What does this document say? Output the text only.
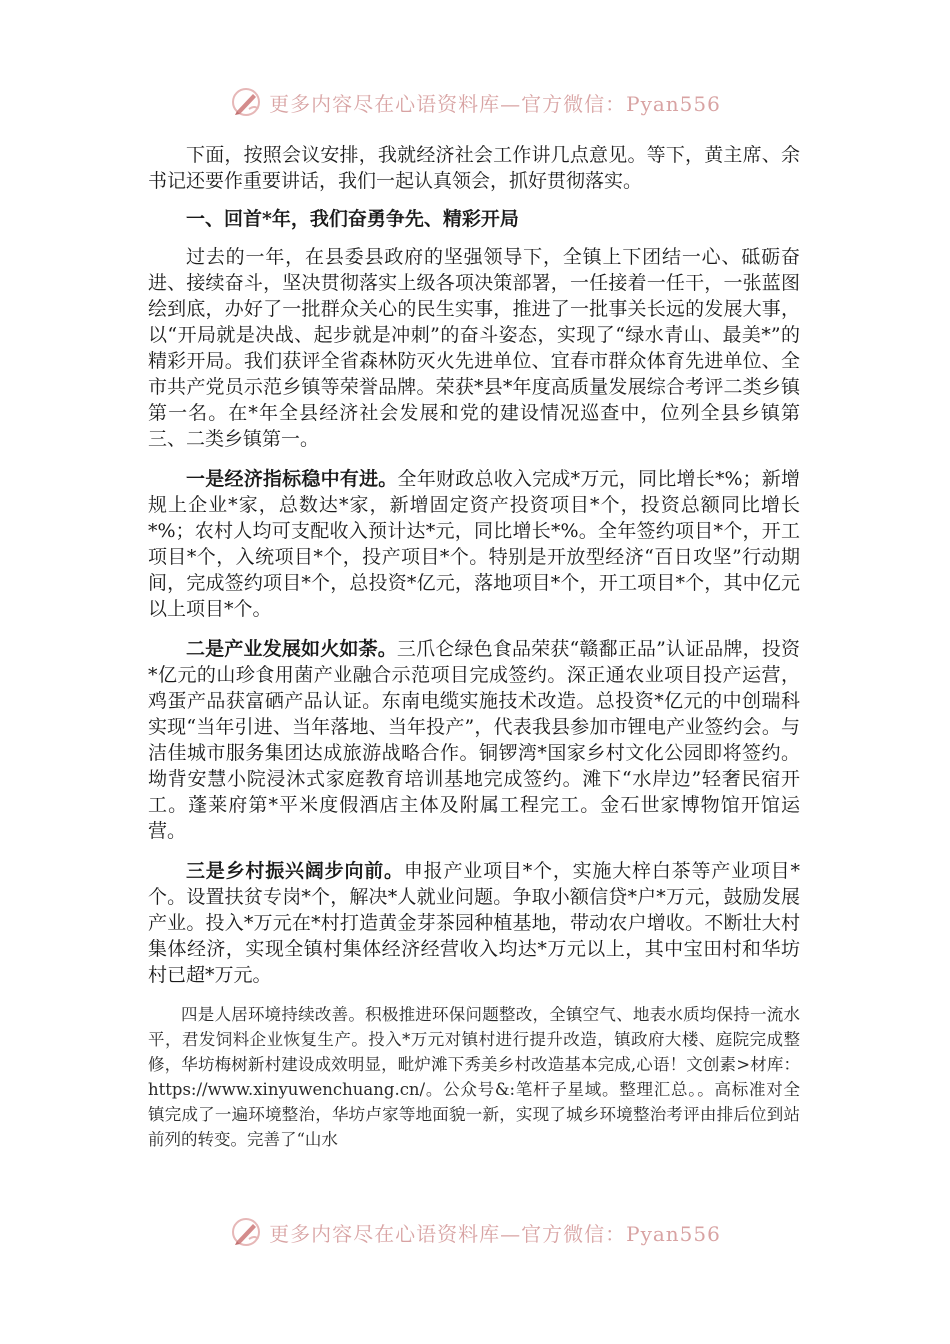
更多内容尽在心语资料库—官方微信：Pyan556

下面，按照会议安排，我就经济社会工作讲几点意见。等下，黄主席、余书记还要作重要讲话，我们一起认真领会，抓好贯彻落实。

一、回首*年，我们奋勇争先、精彩开局

过去的一年，在县委县政府的坚强领导下，全镇上下团结一心、砥砺奋进、接续奋斗，坚决贯彻落实上级各项决策部署，一任接着一任干，一张蓝图绘到底，办好了一批群众关心的民生实事，推进了一批事关长远的发展大事，以“开局就是决战、起步就是冲刺”的奋斗姿态，实现了“绿水青山、最美*”的精彩开局。我们获评全省森林防灭火先进单位、宜春市群众体育先进单位、全市共产党员示范乡镇等荣誉品牌。荣获*县*年度高质量发展综合考评二类乡镇第一名。在*年全县经济社会发展和党的建设情况巡查中，位列全县乡镇第三、二类乡镇第一。

一是经济指标稳中有进。全年财政总收入完成*万元，同比增长*%；新增规上企业*家，总数达*家，新增固定资产投资项目*个，投资总额同比增长*%；农村人均可支配收入预计达*元，同比增长*%。全年签约项目*个，开工项目*个，入统项目*个，投产项目*个。特别是开放型经济“百日攻坚”行动期间，完成签约项目*个，总投资*亿元，落地项目*个，开工项目*个，其中亿元以上项目*个。

二是产业发展如火如荼。三爪仑绿色食品荣获“赣鄱正品”认证品牌，投资*亿元的山珍食用菌产业融合示范项目完成签约。深正通农业项目投产运营，鸡蛋产品获富硒产品认证。东南电缆实施技术改造。总投资*亿元的中创瑞科实现“当年引进、当年落地、当年投产”，代表我县参加市锂电产业签约会。与洁佳城市服务集团达成旅游战略合作。铜锣湾*国家乡村文化公园即将签约。坳背安慧小院浸沐式家庭教育培训基地完成签约。滩下“水岸边”轻奢民宿开工。蓬莱府第*平米度假酒店主体及附属工程完工。金石世家博物馆开馆运营。

三是乡村振兴阔步向前。申报产业项目*个，实施大梓白茶等产业项目*个。设置扶贫专岗*个，解决*人就业问题。争取小额信贷*户*万元，鼓励发展产业。投入*万元在*村打造黄金芽茶园种植基地，带动农户增收。不断壮大村集体经济，实现全镇村集体经济经营收入均达*万元以上，其中宝田村和华坊村已超*万元。

四是人居环境持续改善。积极推进环保问题整改，全镇空气、地表水质均保持一流水平，君发饲料企业恢复生产。投入*万元对镇村进行提升改造，镇政府大楼、庭院完成整修，华坊梅树新村建设成效明显，毗炉滩下秀美乡村改造基本完成,心语！文创素>材库：https://www.xinyuwenchuang.cn/。公众号&:笔杆子星域。整理汇总。。高标准对全镇完成了一遍环境整治，华坊卢家等地面貌一新，实现了城乡环境整治考评由排后位到站前列的转变。完善了“山水

更多内容尽在心语资料库—官方微信：Pyan556
